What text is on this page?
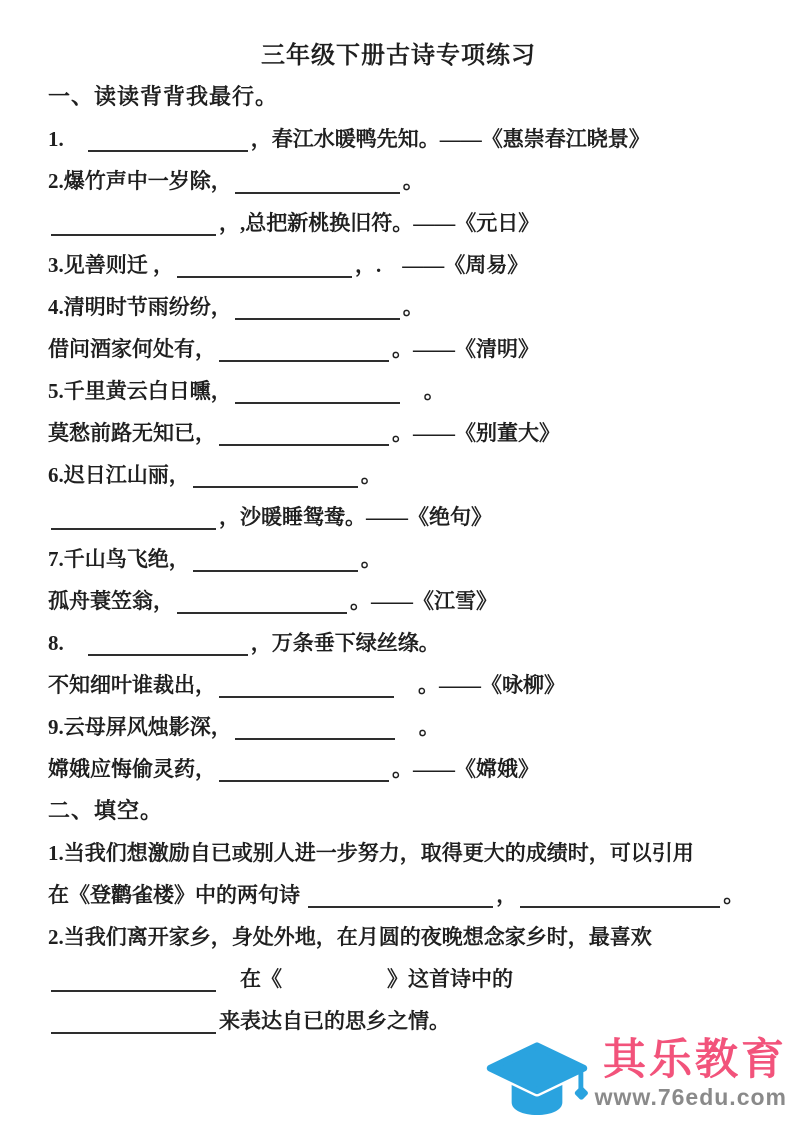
三年级下册古诗专项练习
一、读读背背我最行。
1.　	，春江水暖鸭先知。——《惠崇春江晓景》
2.爆竹声中一岁除，	。
，,总把新桃换旧符。——《元日》
3.见善则迁 ，	，.　——《周易》
4.清明时节雨纷纷，	。
借问酒家何处有，	。——《清明》
5.千里黄云白日曛，	　。
莫愁前路无知已，	。——《别董大》
6.迟日江山丽，	。
，沙暖睡鸳鸯。——《绝句》
7.千山鸟飞绝，	。
孤舟蓑笠翁，	。——《江雪》
8.　	，万条垂下绿丝绦。
不知细叶谁裁出，	　。——《咏柳》
9.云母屏风烛影深，	　。
嫦娥应悔偷灵药，	。——《嫦娥》
二、填空。
1.当我们想激励自已或别人进一步努力，取得更大的成绩时，可以引用
在《登鹳雀楼》中的两句诗	，	。
2.当我们离开家乡，身处外地，在月圆的夜晚想念家乡时，最喜欢
　在《	》这首诗中的
来表达自已的思乡之情。
其乐教育
www.76edu.com
